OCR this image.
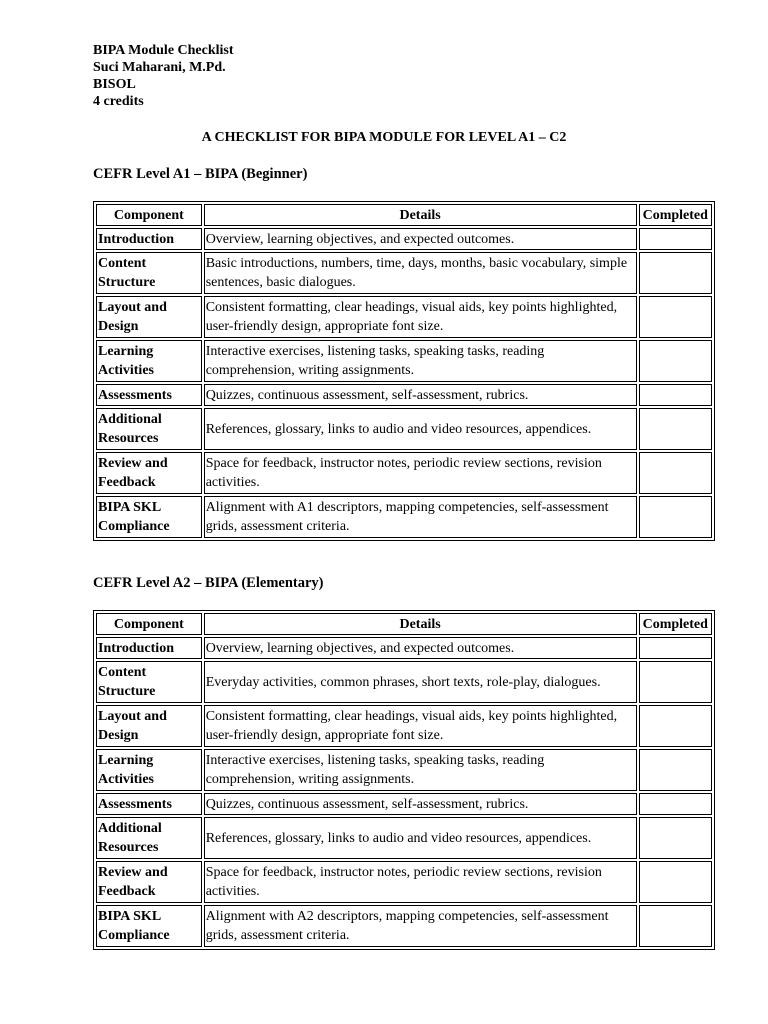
BIPA Module Checklist
Suci Maharani, M.Pd.
BISOL
4 credits
A CHECKLIST FOR BIPA MODULE FOR LEVEL A1 – C2
CEFR Level A1 – BIPA (Beginner)
Component	Details	Completed
Introduction	Overview, learning objectives, and expected outcomes.	
Content Structure	Basic introductions, numbers, time, days, months, basic vocabulary, simple sentences, basic dialogues.	
Layout and Design	Consistent formatting, clear headings, visual aids, key points highlighted, user-friendly design, appropriate font size.	
Learning Activities	Interactive exercises, listening tasks, speaking tasks, reading comprehension, writing assignments.	
Assessments	Quizzes, continuous assessment, self-assessment, rubrics.	
Additional Resources	References, glossary, links to audio and video resources, appendices.	
Review and Feedback	Space for feedback, instructor notes, periodic review sections, revision activities.	
BIPA SKL Compliance	Alignment with A1 descriptors, mapping competencies, self-assessment grids, assessment criteria.	
CEFR Level A2 – BIPA (Elementary)
Component	Details	Completed
Introduction	Overview, learning objectives, and expected outcomes.	
Content Structure	Everyday activities, common phrases, short texts, role-play, dialogues.	
Layout and Design	Consistent formatting, clear headings, visual aids, key points highlighted, user-friendly design, appropriate font size.	
Learning Activities	Interactive exercises, listening tasks, speaking tasks, reading comprehension, writing assignments.	
Assessments	Quizzes, continuous assessment, self-assessment, rubrics.	
Additional Resources	References, glossary, links to audio and video resources, appendices.	
Review and Feedback	Space for feedback, instructor notes, periodic review sections, revision activities.	
BIPA SKL Compliance	Alignment with A2 descriptors, mapping competencies, self-assessment grids, assessment criteria.	
